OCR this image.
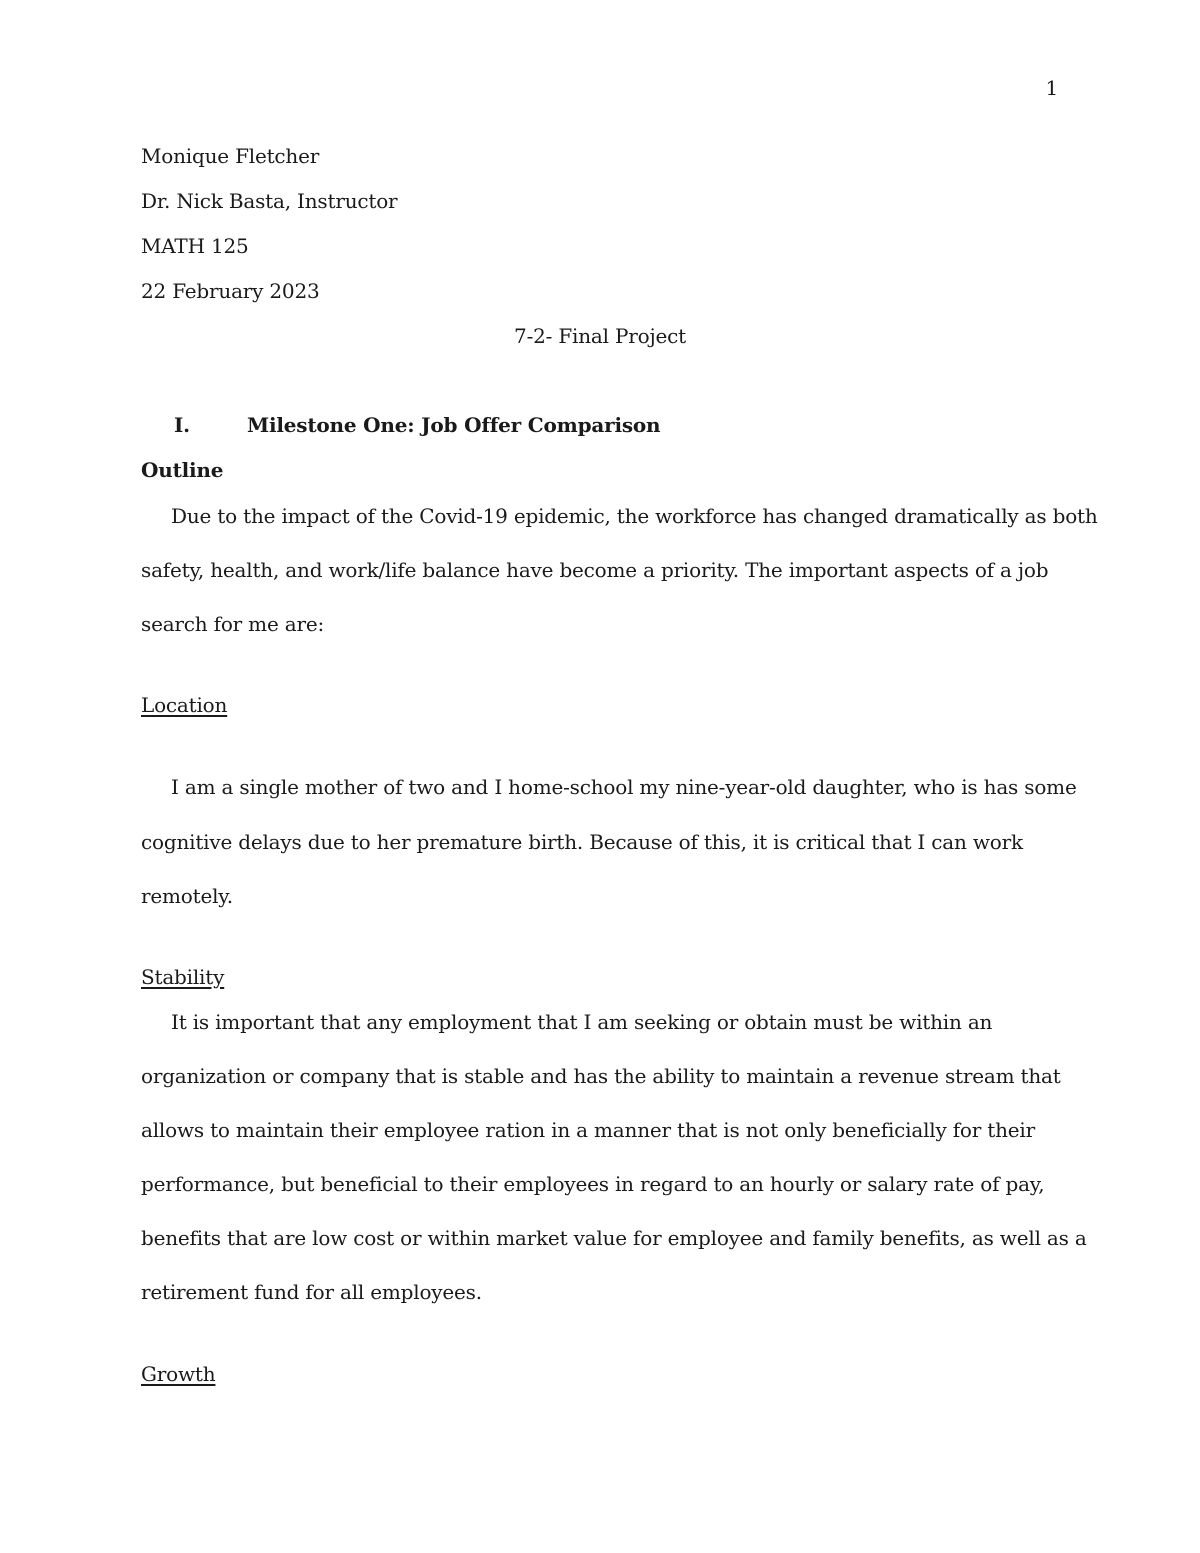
1
Monique Fletcher
Dr. Nick Basta, Instructor
MATH 125
22 February 2023
7-2- Final Project
I.	Milestone One: Job Offer Comparison
Outline
Due to the impact of the Covid-19 epidemic, the workforce has changed dramatically as both
safety, health, and work/life balance have become a priority. The important aspects of a job
search for me are:
Location
I am a single mother of two and I home-school my nine-year-old daughter, who is has some
cognitive delays due to her premature birth. Because of this, it is critical that I can work
remotely.
Stability
It is important that any employment that I am seeking or obtain must be within an
organization or company that is stable and has the ability to maintain a revenue stream that
allows to maintain their employee ration in a manner that is not only beneficially for their
performance, but beneficial to their employees in regard to an hourly or salary rate of pay,
benefits that are low cost or within market value for employee and family benefits, as well as a
retirement fund for all employees.
Growth
